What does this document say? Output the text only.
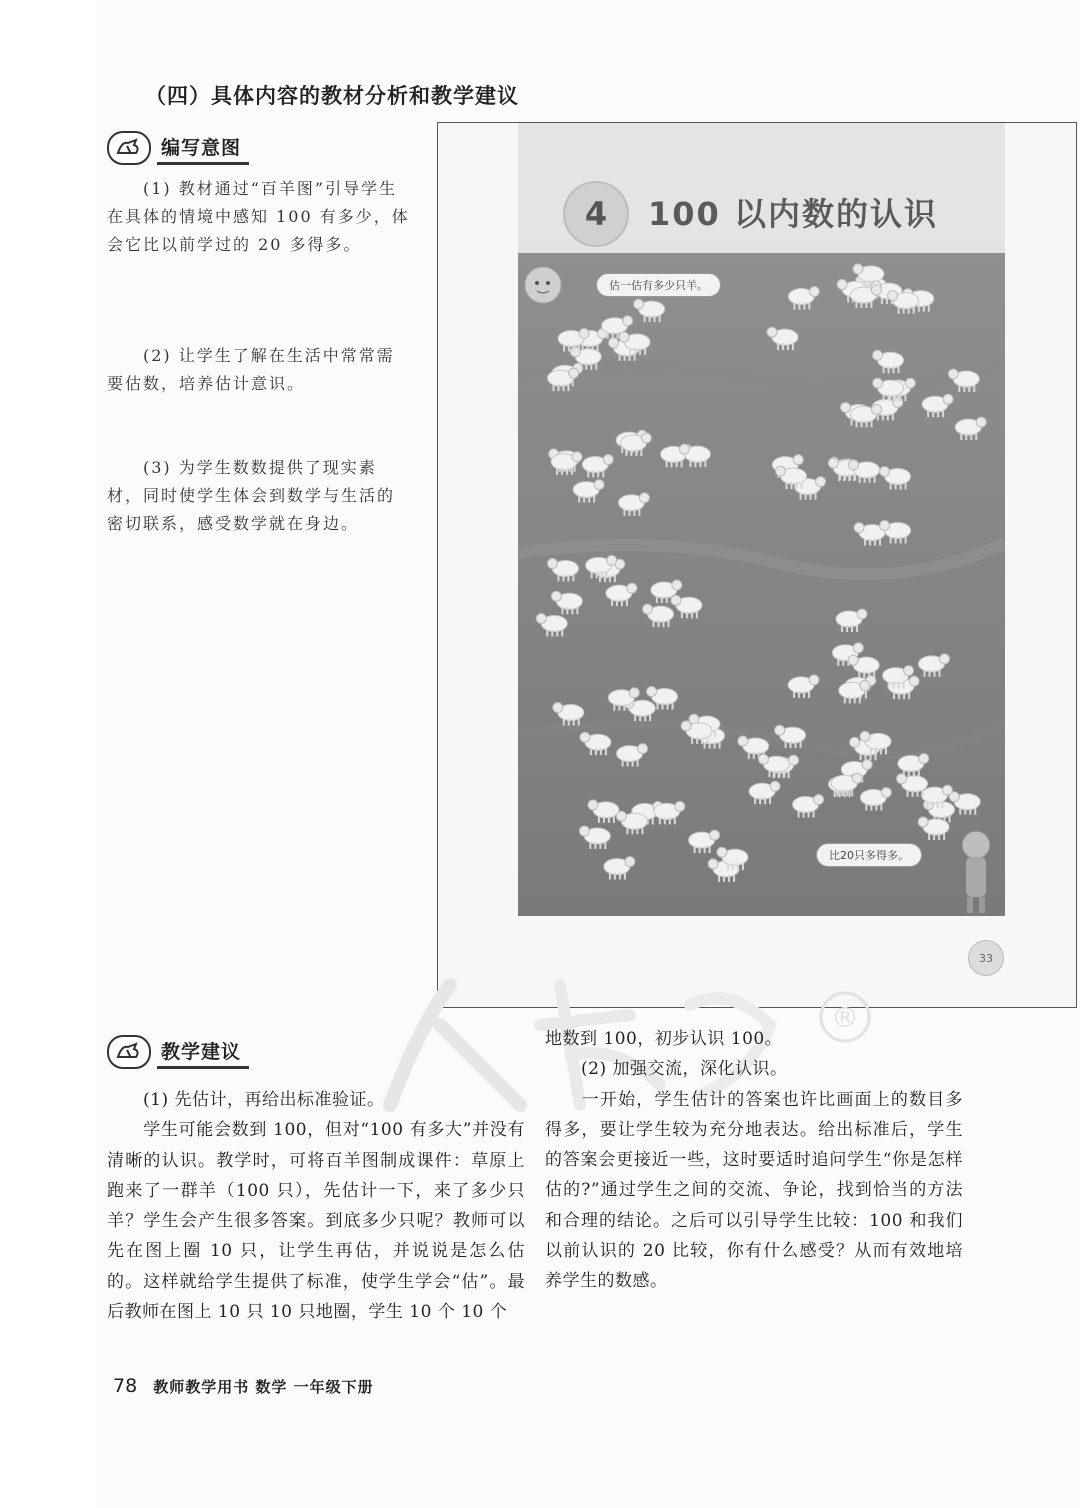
（四）具体内容的教材分析和教学建议
编写意图
(1) 教材通过“百羊图”引导学生在具体的情境中感知 100 有多少，体会它比以前学过的 20 多得多。
(2) 让学生了解在生活中常常需要估数，培养估计意识。
(3) 为学生数数提供了现实素材，同时使学生体会到数学与生活的密切联系，感受数学就在身边。
4	100 以内数的认识
估一估有多少只羊。
比20只多得多。
33
®
教学建议

(1) 先估计，再给出标准验证。

学生可能会数到 100，但对“100 有多大”并没有清晰的认识。教学时，可将百羊图制成课件：草原上跑来了一群羊（100 只），先估计一下，来了多少只羊？学生会产生很多答案。到底多少只呢？教师可以先在图上圈 10 只，让学生再估，并说说是怎么估的。这样就给学生提供了标准，使学生学会“估”。最后教师在图上 10 只 10 只地圈，学生 10 个 10 个

地数到 100，初步认识 100。

(2) 加强交流，深化认识。

一开始，学生估计的答案也许比画面上的数目多得多，要让学生较为充分地表达。给出标准后，学生的答案会更接近一些，这时要适时追问学生“你是怎样估的?”通过学生之间的交流、争论，找到恰当的方法和合理的结论。之后可以引导学生比较：100 和我们以前认识的 20 比较，你有什么感受？从而有效地培养学生的数感。

78 教师教学用书 数学 一年级下册
